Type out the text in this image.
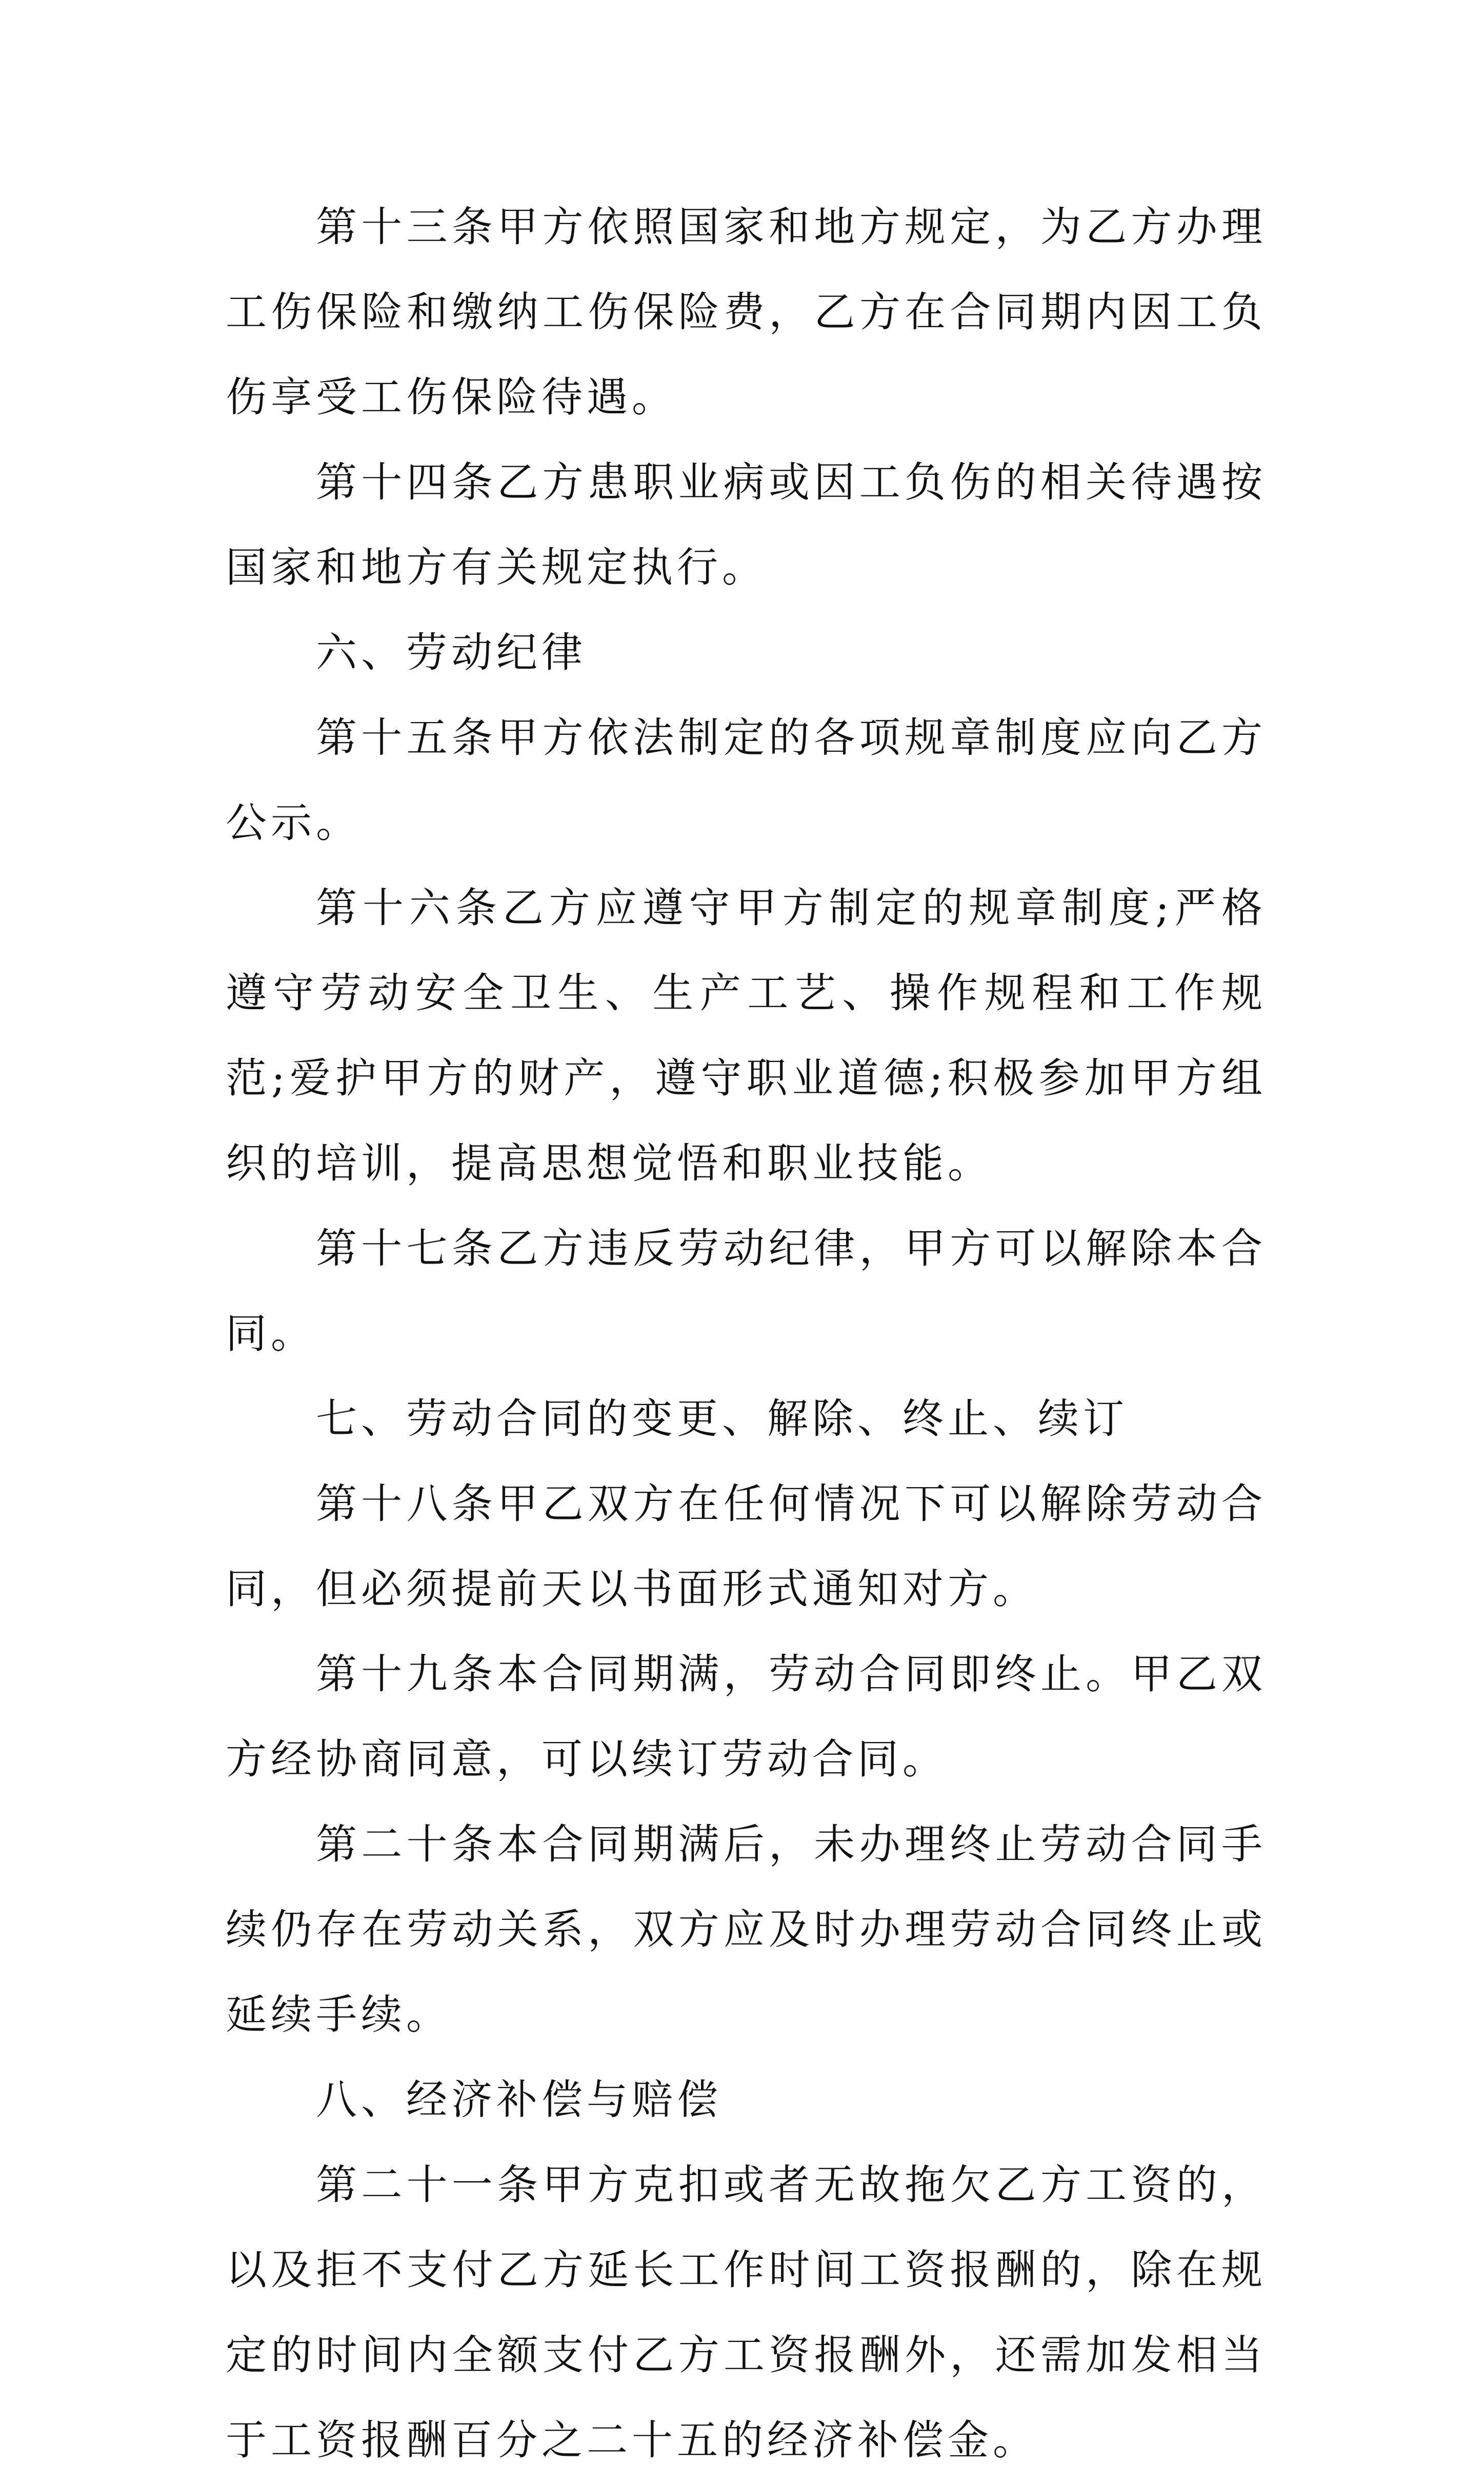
第十三条甲方依照国家和地方规定，为乙方办理工伤保险和缴纳工伤保险费，乙方在合同期内因工负伤享受工伤保险待遇。

第十四条乙方患职业病或因工负伤的相关待遇按国家和地方有关规定执行。

六、劳动纪律

第十五条甲方依法制定的各项规章制度应向乙方公示。

第十六条乙方应遵守甲方制定的规章制度;严格遵守劳动安全卫生、生产工艺、操作规程和工作规范;爱护甲方的财产，遵守职业道德;积极参加甲方组织的培训，提高思想觉悟和职业技能。

第十七条乙方违反劳动纪律，甲方可以解除本合同。

七、劳动合同的变更、解除、终止、续订

第十八条甲乙双方在任何情况下可以解除劳动合同，但必须提前天以书面形式通知对方。

第十九条本合同期满，劳动合同即终止。甲乙双方经协商同意，可以续订劳动合同。

第二十条本合同期满后，未办理终止劳动合同手续仍存在劳动关系，双方应及时办理劳动合同终止或延续手续。

八、经济补偿与赔偿

第二十一条甲方克扣或者无故拖欠乙方工资的，以及拒不支付乙方延长工作时间工资报酬的，除在规定的时间内全额支付乙方工资报酬外，还需加发相当于工资报酬百分之二十五的经济补偿金。
